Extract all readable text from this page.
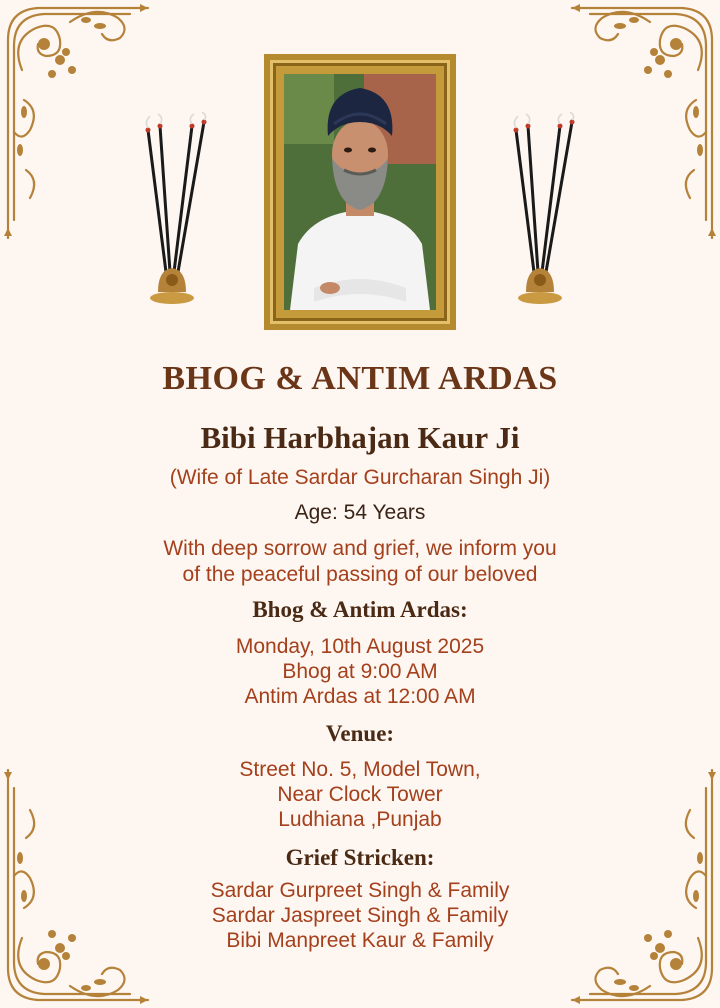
BHOG & ANTIM ARDAS
Bibi Harbhajan Kaur Ji

(Wife of Late Sardar Gurcharan Singh Ji)

Age: 54 Years

With deep sorrow and grief, we inform you
of the peaceful passing of our beloved

Bhog & Antim Ardas:

Monday, 10th August 2025
Bhog at 9:00 AM
Antim Ardas at 12:00 AM

Venue:

Street No. 5, Model Town,
Near Clock Tower
Ludhiana ,Punjab

Grief Stricken:

Sardar Gurpreet Singh & Family
Sardar Jaspreet Singh & Family
Bibi Manpreet Kaur & Family
